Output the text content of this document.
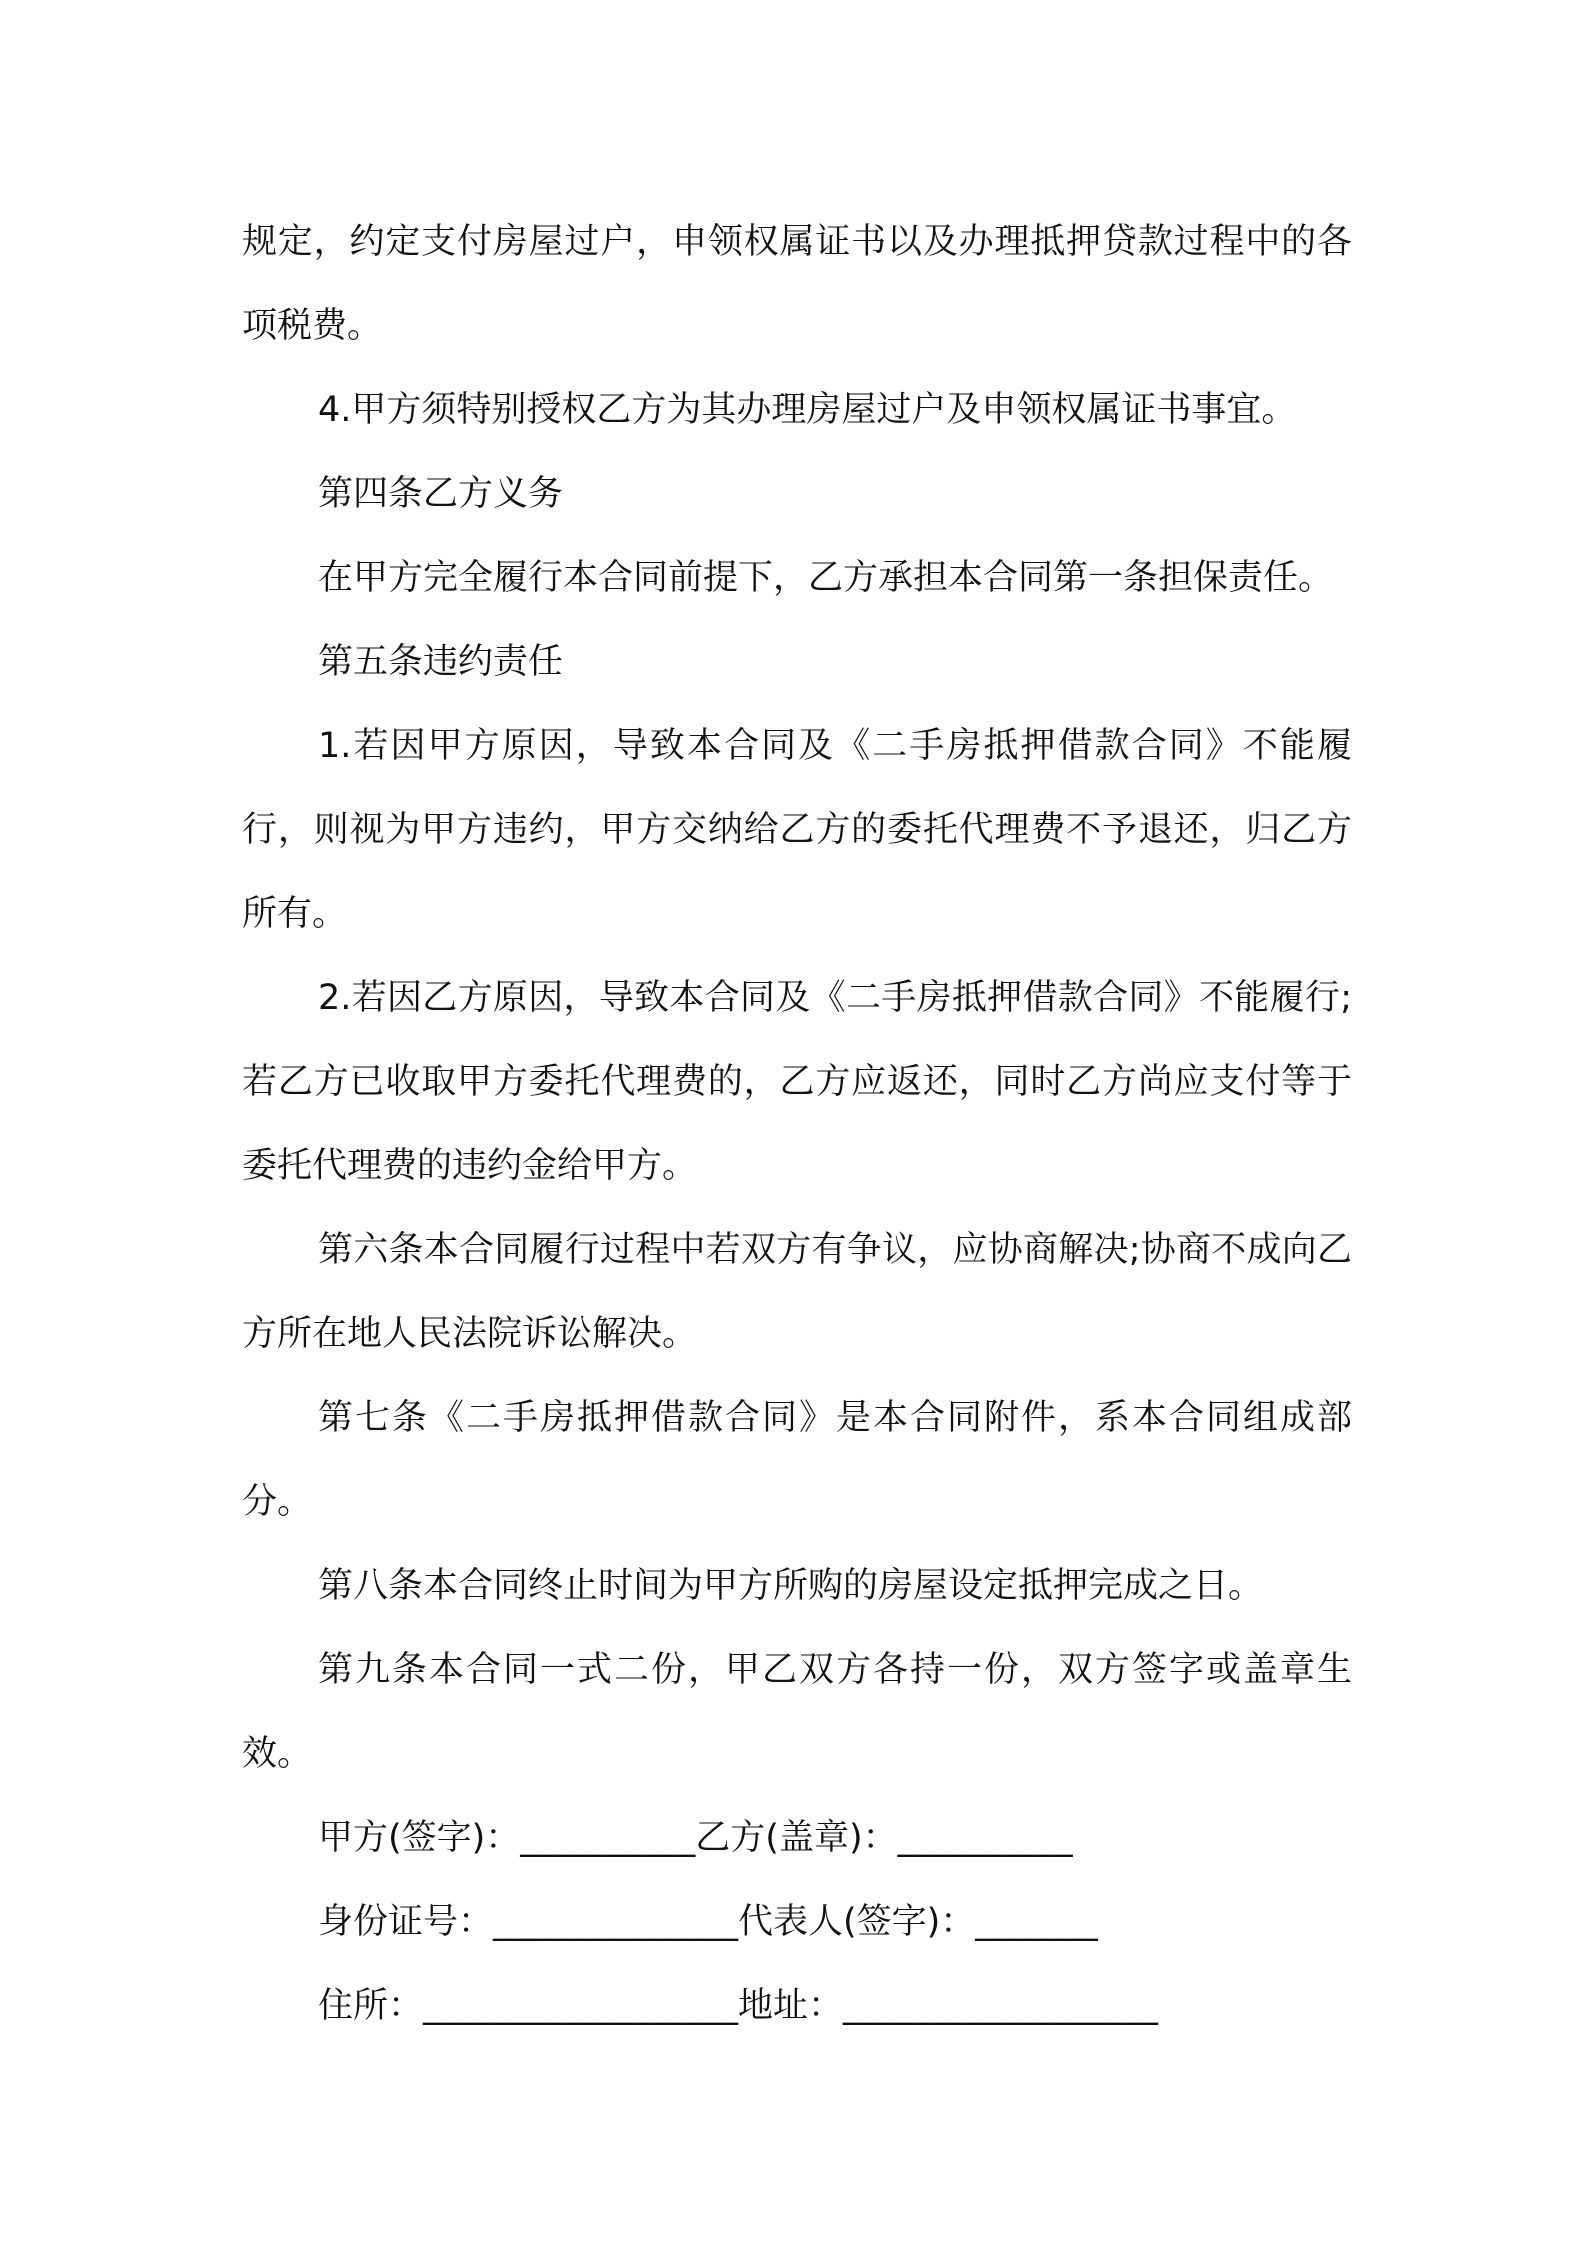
规定，约定支付房屋过户，申领权属证书以及办理抵押贷款过程中的各项税费。

4.甲方须特别授权乙方为其办理房屋过户及申领权属证书事宜。

第四条乙方义务

在甲方完全履行本合同前提下，乙方承担本合同第一条担保责任。

第五条违约责任

1.若因甲方原因，导致本合同及《二手房抵押借款合同》不能履行，则视为甲方违约，甲方交纳给乙方的委托代理费不予退还，归乙方所有。

2.若因乙方原因，导致本合同及《二手房抵押借款合同》不能履行;若乙方已收取甲方委托代理费的，乙方应返还，同时乙方尚应支付等于委托代理费的违约金给甲方。

第六条本合同履行过程中若双方有争议，应协商解决;协商不成向乙方所在地人民法院诉讼解决。

第七条《二手房抵押借款合同》是本合同附件，系本合同组成部分。

第八条本合同终止时间为甲方所购的房屋设定抵押完成之日。

第九条本合同一式二份，甲乙双方各持一份，双方签字或盖章生效。

甲方(签字)：__________乙方(盖章)：__________

身份证号：______________代表人(签字)：_______

住所：__________________地址：__________________
